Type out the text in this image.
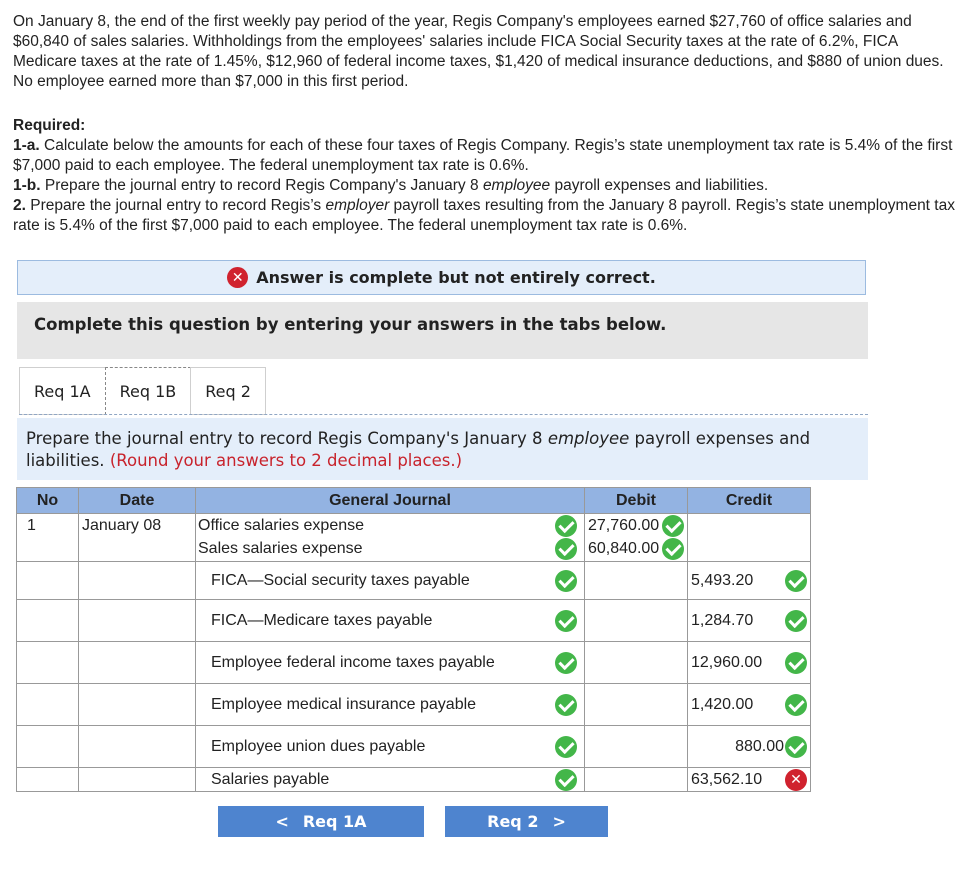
On January 8, the end of the first weekly pay period of the year, Regis Company's employees earned $27,760 of office salaries and $60,840 of sales salaries. Withholdings from the employees' salaries include FICA Social Security taxes at the rate of 6.2%, FICA Medicare taxes at the rate of 1.45%, $12,960 of federal income taxes, $1,420 of medical insurance deductions, and $880 of union dues. No employee earned more than $7,000 in this first period.

Required:

1-a. Calculate below the amounts for each of these four taxes of Regis Company. Regis’s state unemployment tax rate is 5.4% of the first $7,000 paid to each employee. The federal unemployment tax rate is 0.6%.

1-b. Prepare the journal entry to record Regis Company's January 8 employee payroll expenses and liabilities.

2. Prepare the journal entry to record Regis’s employer payroll taxes resulting from the January 8 payroll. Regis’s state unemployment tax rate is 5.4% of the first $7,000 paid to each employee. The federal unemployment tax rate is 0.6%.

✕ Answer is complete but not entirely correct.
Complete this question by entering your answers in the tabs below.
Req 1A	Req 1B	Req 2
Prepare the journal entry to record Regis Company's January 8 employee payroll expenses and liabilities. (Round your answers to 2 decimal places.)
No	Date	General Journal	Debit	Credit
1	January 08	Office salaries expense	27,760.00

		Sales salaries expense	60,840.00

		FICA—Social security taxes payable		5,493.20

		FICA—Medicare taxes payable		1,284.70

		Employee federal income taxes payable		12,960.00

		Employee medical insurance payable		1,420.00

		Employee union dues payable		880.00

		Salaries payable		63,562.10 ✕
< Req 1A	Req 2 >
